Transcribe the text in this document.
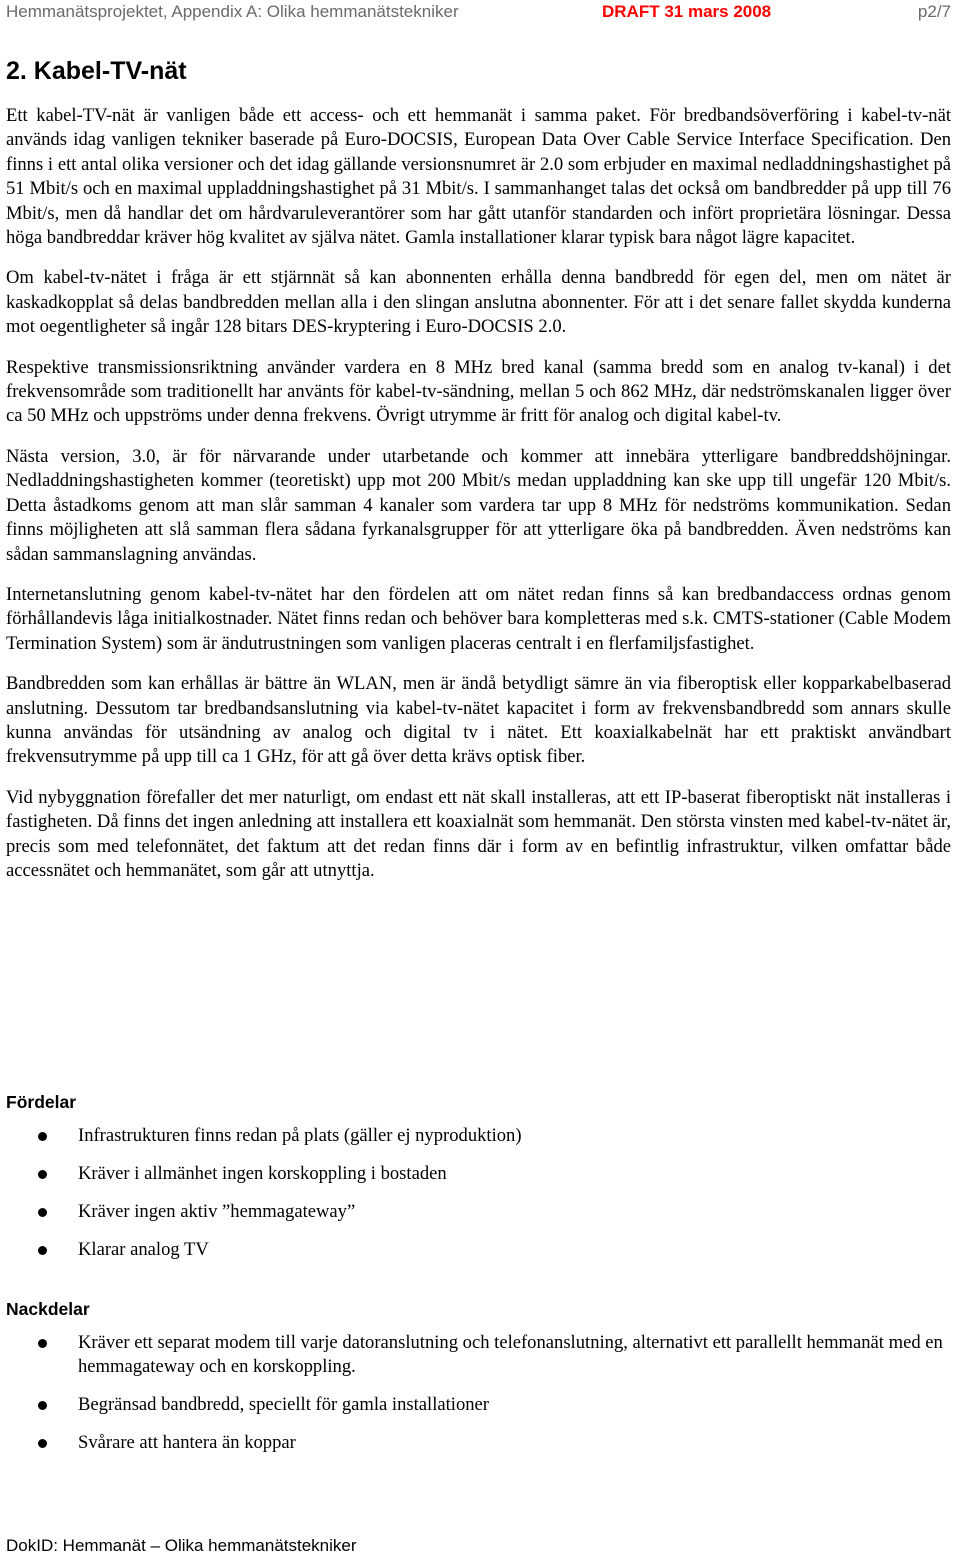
Hemmanätsprojektet, Appendix A: Olika hemmanätstekniker	DRAFT 31 mars 2008	p2/7
2. Kabel-TV-nät

Ett kabel-TV-nät är vanligen både ett access- och ett hemmanät i samma paket. För bredbandsöverföring i kabel-tv-nät används idag vanligen tekniker baserade på Euro-DOCSIS, European Data Over Cable Service Interface Specification. Den finns i ett antal olika versioner och det idag gällande versionsnumret är 2.0 som erbjuder en maximal nedladdningshastighet på 51 Mbit/s och en maximal uppladdningshastighet på 31 Mbit/s. I sammanhanget talas det också om bandbredder på upp till 76 Mbit/s, men då handlar det om hårdvaruleverantörer som har gått utanför standarden och infört proprietära lösningar. Dessa höga bandbreddar kräver hög kvalitet av själva nätet. Gamla installationer klarar typisk bara något lägre kapacitet.

Om kabel-tv-nätet i fråga är ett stjärnnät så kan abonnenten erhålla denna bandbredd för egen del, men om nätet är kaskadkopplat så delas bandbredden mellan alla i den slingan anslutna abonnenter. För att i det senare fallet skydda kunderna mot oegentligheter så ingår 128 bitars DES-kryptering i Euro-DOCSIS 2.0.

Respektive transmissionsriktning använder vardera en 8 MHz bred kanal (samma bredd som en analog tv-kanal) i det frekvensområde som traditionellt har använts för kabel-tv-sändning, mellan 5 och 862 MHz, där nedströmskanalen ligger över ca 50 MHz och uppströms under denna frekvens. Övrigt utrymme är fritt för analog och digital kabel-tv.

Nästa version, 3.0, är för närvarande under utarbetande och kommer att innebära ytterligare bandbreddshöjningar. Nedladdningshastigheten kommer (teoretiskt) upp mot 200 Mbit/s medan uppladdning kan ske upp till ungefär 120 Mbit/s. Detta åstadkoms genom att man slår samman 4 kanaler som vardera tar upp 8 MHz för nedströms kommunikation. Sedan finns möjligheten att slå samman flera sådana fyrkanalsgrupper för att ytterligare öka på bandbredden. Även nedströms kan sådan sammanslagning användas.

Internetanslutning genom kabel-tv-nätet har den fördelen att om nätet redan finns så kan bredbandaccess ordnas genom förhållandevis låga initialkostnader. Nätet finns redan och behöver bara kompletteras med s.k. CMTS-stationer (Cable Modem Termination System) som är ändutrustningen som vanligen placeras centralt i en flerfamiljsfastighet.

Bandbredden som kan erhållas är bättre än WLAN, men är ändå betydligt sämre än via fiberoptisk eller kopparkabelbaserad anslutning. Dessutom tar bredbandsanslutning via kabel-tv-nätet kapacitet i form av frekvensbandbredd som annars skulle kunna användas för utsändning av analog och digital tv i nätet. Ett koaxialkabelnät har ett praktiskt användbart frekvensutrymme på upp till ca 1 GHz, för att gå över detta krävs optisk fiber.

Vid nybyggnation förefaller det mer naturligt, om endast ett nät skall installeras, att ett IP-baserat fiberoptiskt nät installeras i fastigheten. Då finns det ingen anledning att installera ett koaxialnät som hemmanät. Den största vinsten med kabel-tv-nätet är, precis som med telefonnätet, det faktum att det redan finns där i form av en befintlig infrastruktur, vilken omfattar både accessnätet och hemmanätet, som går att utnyttja.

Fördelar
Infrastrukturen finns redan på plats (gäller ej nyproduktion)
Kräver i allmänhet ingen korskoppling i bostaden
Kräver ingen aktiv ”hemmagateway”
Klarar analog TV
Nackdelar
Kräver ett separat modem till varje datoranslutning och telefonanslutning, alternativt ett parallellt hemmanät med en hemmagateway och en korskoppling.
Begränsad bandbredd, speciellt för gamla installationer
Svårare att hantera än koppar
DokID: Hemmanät – Olika hemmanätstekniker
